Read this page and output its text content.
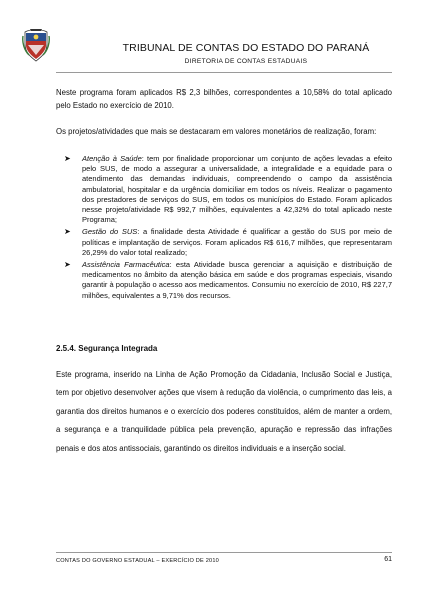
TRIBUNAL DE CONTAS DO ESTADO DO PARANÁ
DIRETORIA DE CONTAS ESTADUAIS

Neste programa foram aplicados R$ 2,3 bilhões, correspondentes a 10,58% do total aplicado pelo Estado no exercício de 2010.

Os projetos/atividades que mais se destacaram em valores monetários de realização, foram:

➤ Atenção à Saúde: tem por finalidade proporcionar um conjunto de ações levadas a efeito pelo SUS, de modo a assegurar a universalidade, a integralidade e a equidade para o atendimento das demandas individuais, compreendendo o campo da assistência ambulatorial, hospitalar e da urgência domiciliar em todos os níveis. Realizar o pagamento dos prestadores de serviços do SUS, em todos os municípios do Estado. Foram aplicados nesse projeto/atividade R$ 992,7 milhões, equivalentes a 42,32% do total aplicado neste Programa;
➤ Gestão do SUS: a finalidade desta Atividade é qualificar a gestão do SUS por meio de políticas e implantação de serviços. Foram aplicados R$ 616,7 milhões, que representaram 26,29% do valor total realizado;
➤ Assistência Farmacêutica: esta Atividade busca gerenciar a aquisição e distribuição de medicamentos no âmbito da atenção básica em saúde e dos programas especiais, visando garantir à população o acesso aos medicamentos. Consumiu no exercício de 2010, R$ 227,7 milhões, equivalentes a 9,71% dos recursos.
2.5.4. Segurança Integrada

Este programa, inserido na Linha de Ação Promoção da Cidadania, Inclusão Social e Justiça, tem por objetivo desenvolver ações que visem à redução da violência, o cumprimento das leis, a garantia dos direitos humanos e o exercício dos poderes constituídos, além de manter a ordem, a segurança e a tranquilidade pública pela prevenção, apuração e repressão das infrações penais e dos atos antissociais, garantindo os direitos individuais e a inserção social.

CONTAS DO GOVERNO ESTADUAL – EXERCÍCIO DE 2010	61
